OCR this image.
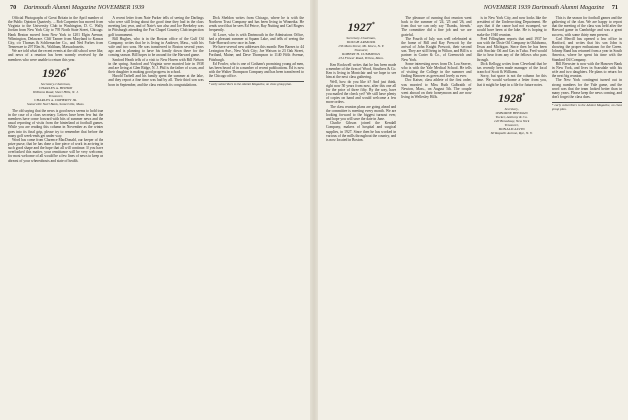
70 Dartmouth Alumni Magazine NOVEMBER 1939

Official Photographs of Great Britain in the April number of the Public Opinion Quarterly. ... Bob Carpenter has moved from Virginia to the University Club in Washington, D. C. Wally Jordan from New York City to 795 North State Street, Chicago. Hank Beaton moved from New York to 1201 Elgin Avenue, Wilmington, Delaware. Cliff Tanner from Maryland to Kansas City, c/o Thomas & Schliemacher Co., and Ned Forbes from Tennessee to 297 Elm St., Waltham, Massachusetts.

We are told what the recent events at the old school were like, and news of a reunion has been warmly received by the members who were unable to return this year.

1926*
Secretary-Chairman,
CHARLES A. BISHOP
Williams Road, Short Hills, N. J.
Treasurer,
CHARLES A. DOHERTY JR.
Somerville Nat'l Bank, Somerville, Mass.

The old saying that the news is good news seems to hold true in the case of a class secretary. Letters have been few but the members have come forward with bits of summer news and the usual reporting of visits from the hinterland at football games. While you are reading this column in November as the winter goes into its final grip, please try to remember that before the many golf week-ends get under way.

Word has come from Clarence MacDonald, our keeper of the prize purse, that he has done a fine piece of work in arriving in such good shape and the hope that all will continue. If you have overlooked this matter, your remittance will be very welcome, for most welcome of all would be a few lines of news to keep us abreast of your whereabouts and state of health.

A recent letter from Nate Parker tells of seeing the Darlings who were still living about the good time they had in the class meeting last year, and of Nate's son also and Joe Beekeley was in Pittsburgh attending the Fox Chapel Country Club inspection golf tournament.

Bill Hughes, who is in the Boston office of the Gulf Oil Company, writes that he is living in Andover, Mass., with his wife and two sons. He was transferred to Boston several years ago and is planning to have his family down there for the coming season. Bill hopes to be around for the Harvard game.

Sanford Heath tells of a visit to New Haven with Bill Nelson in the spring. Sanford and Virginia were married late in 1938 and are living at Glen Ridge, N. J. Phil is the father of a son, and their daughter is making good progress in school.

Harold Tarbell and his family spent the summer at the lake, and they report a fine time was had by all. Their third son was born in September, and the class extends its congratulations.

Dick Sheldon writes from Chicago, where he is with the Northern Trust Company and has been living in Winnetka. He sends word that he sees Ed Peirce, Ray Nutting and Carl Rogers frequently.

Al Lowe, who is with Dartmouth in the Admissions Office, had a pleasant summer at Squam Lake, and tells of seeing the Yale-Harvard crew race in June.

We have several new addresses this month: Ben Barnes to 44 Lexington Ave., New York City; Joe Watson to 23 Oak Street, Portland, Maine; and Dave Thompson to 1140 Fifth Avenue, Pittsburgh.

Ed Fowler, who is one of Gotham's promising young ad men, has been heard of in a number of recent publications. Ed is now with the Walter Thompson Company and has been transferred to the Chicago office.

* early subscribers to the Alumni Magazine, on class group plan.
NOVEMBER 1939 Dartmouth Alumni Magazine 71
1927*
Secretary-Chairman,
DOUGH ARMOUR
136 Main Street, Mt. Kisco, N. Y.
Treasurer,
ROBERT H. CUMMINGS
234 Flower Road, Yellow, Mass.

Ken Rockwell writes that he has been made a member of the firm of Wood, Struthers & Co. Ken is living in Montclair and we hope to see him at the next class gathering.

Well, how do you like it? And just think, right now 50 years from now, after this one all for the price of three fifty. By the way, have you mailed the check yet? We still have plenty of copies on hand and would welcome a few more orders.

The class reunion plans are going ahead and the committee is meeting every month. We are looking forward to the biggest turnout ever, and hope you will save the date in June.

Charlie Gibson joined the Kendall Company, makers of hospital and surgical supplies, in 1927. Since then he has worked in various of the mills throughout the country, and is now located in Boston.

The pleasure of running that reunion went back to the summer of '24, '25 and '26, and from that we can only say 'Thanks, friends.' The committee did a fine job and we are grateful.

The Fourth of July was well celebrated at the home of Bill and Kay Prescott by the arrival of John Knight Prescott, their second son. They are still living in Wilton, and Bill is a partner in Carter & Co., of Greenwich and New York.

Some interesting news from Dr. Lou Seaver, who is with the Yale Medical School. He tells of visiting the College in the summer and finding Hanover as green and lovely as ever.

Doc Kaiser, class athlete of the first order, was married to Miss Ruth Galbraith of Newton, Mass., on August 5th. The couple went abroad on their honeymoon and are now living in Wellesley Hills.

is in New York City, and now looks like the president of the Underwriting Department. He says that if the canoe had not swamped, we would have been at the lake. He is hoping to make the 1940 reunion.

Fred Fillingham reports that until 1937 he was with the Dixie Oil Company in Oklahoma, Texas and Michigan. Since then he has been with Sinclair Oil and Gas in Tulsa. Fred would like to hear from any of the fellows who pass through.

Dick Kellogg writes from Cleveland that he has recently been made manager of the local branch of Scott & Williams.

Sorry, but space is not the column for this time. We would welcome a letter from you, that it might be kept in a file for future notes.

1928*
Secretary,
OSBORNE BEEMAN
Tucker, Anthony & Co.
120 Broadway, New York
Treasurer,
DONALD ALVIN
60 Rapallo Avenue, Rye, N. Y.

This is the season for football games and the gathering of the clan. We are happy to report that the meeting of the class was held after the Harvard game in Cambridge and was a great success, with some thirty men present.

Carl Merrill has opened a law office in Hartford, and writes that his son John is showing the proper enthusiasm for the Green. Johnny Rand has returned from a year in South America, where he spent his time with the Standard Oil Company.

Bill Brewster is now with the Hanover Bank in New York, and lives in Scarsdale with his wife and two daughters. He plans to return for the next big reunion.

The New York contingent turned out in strong numbers for the Yale game, and the word was that the team looked better than in many years. Please keep the news coming, and don't forget the class dues.

* early subscribers to the Alumni Magazine, on class group plan.
